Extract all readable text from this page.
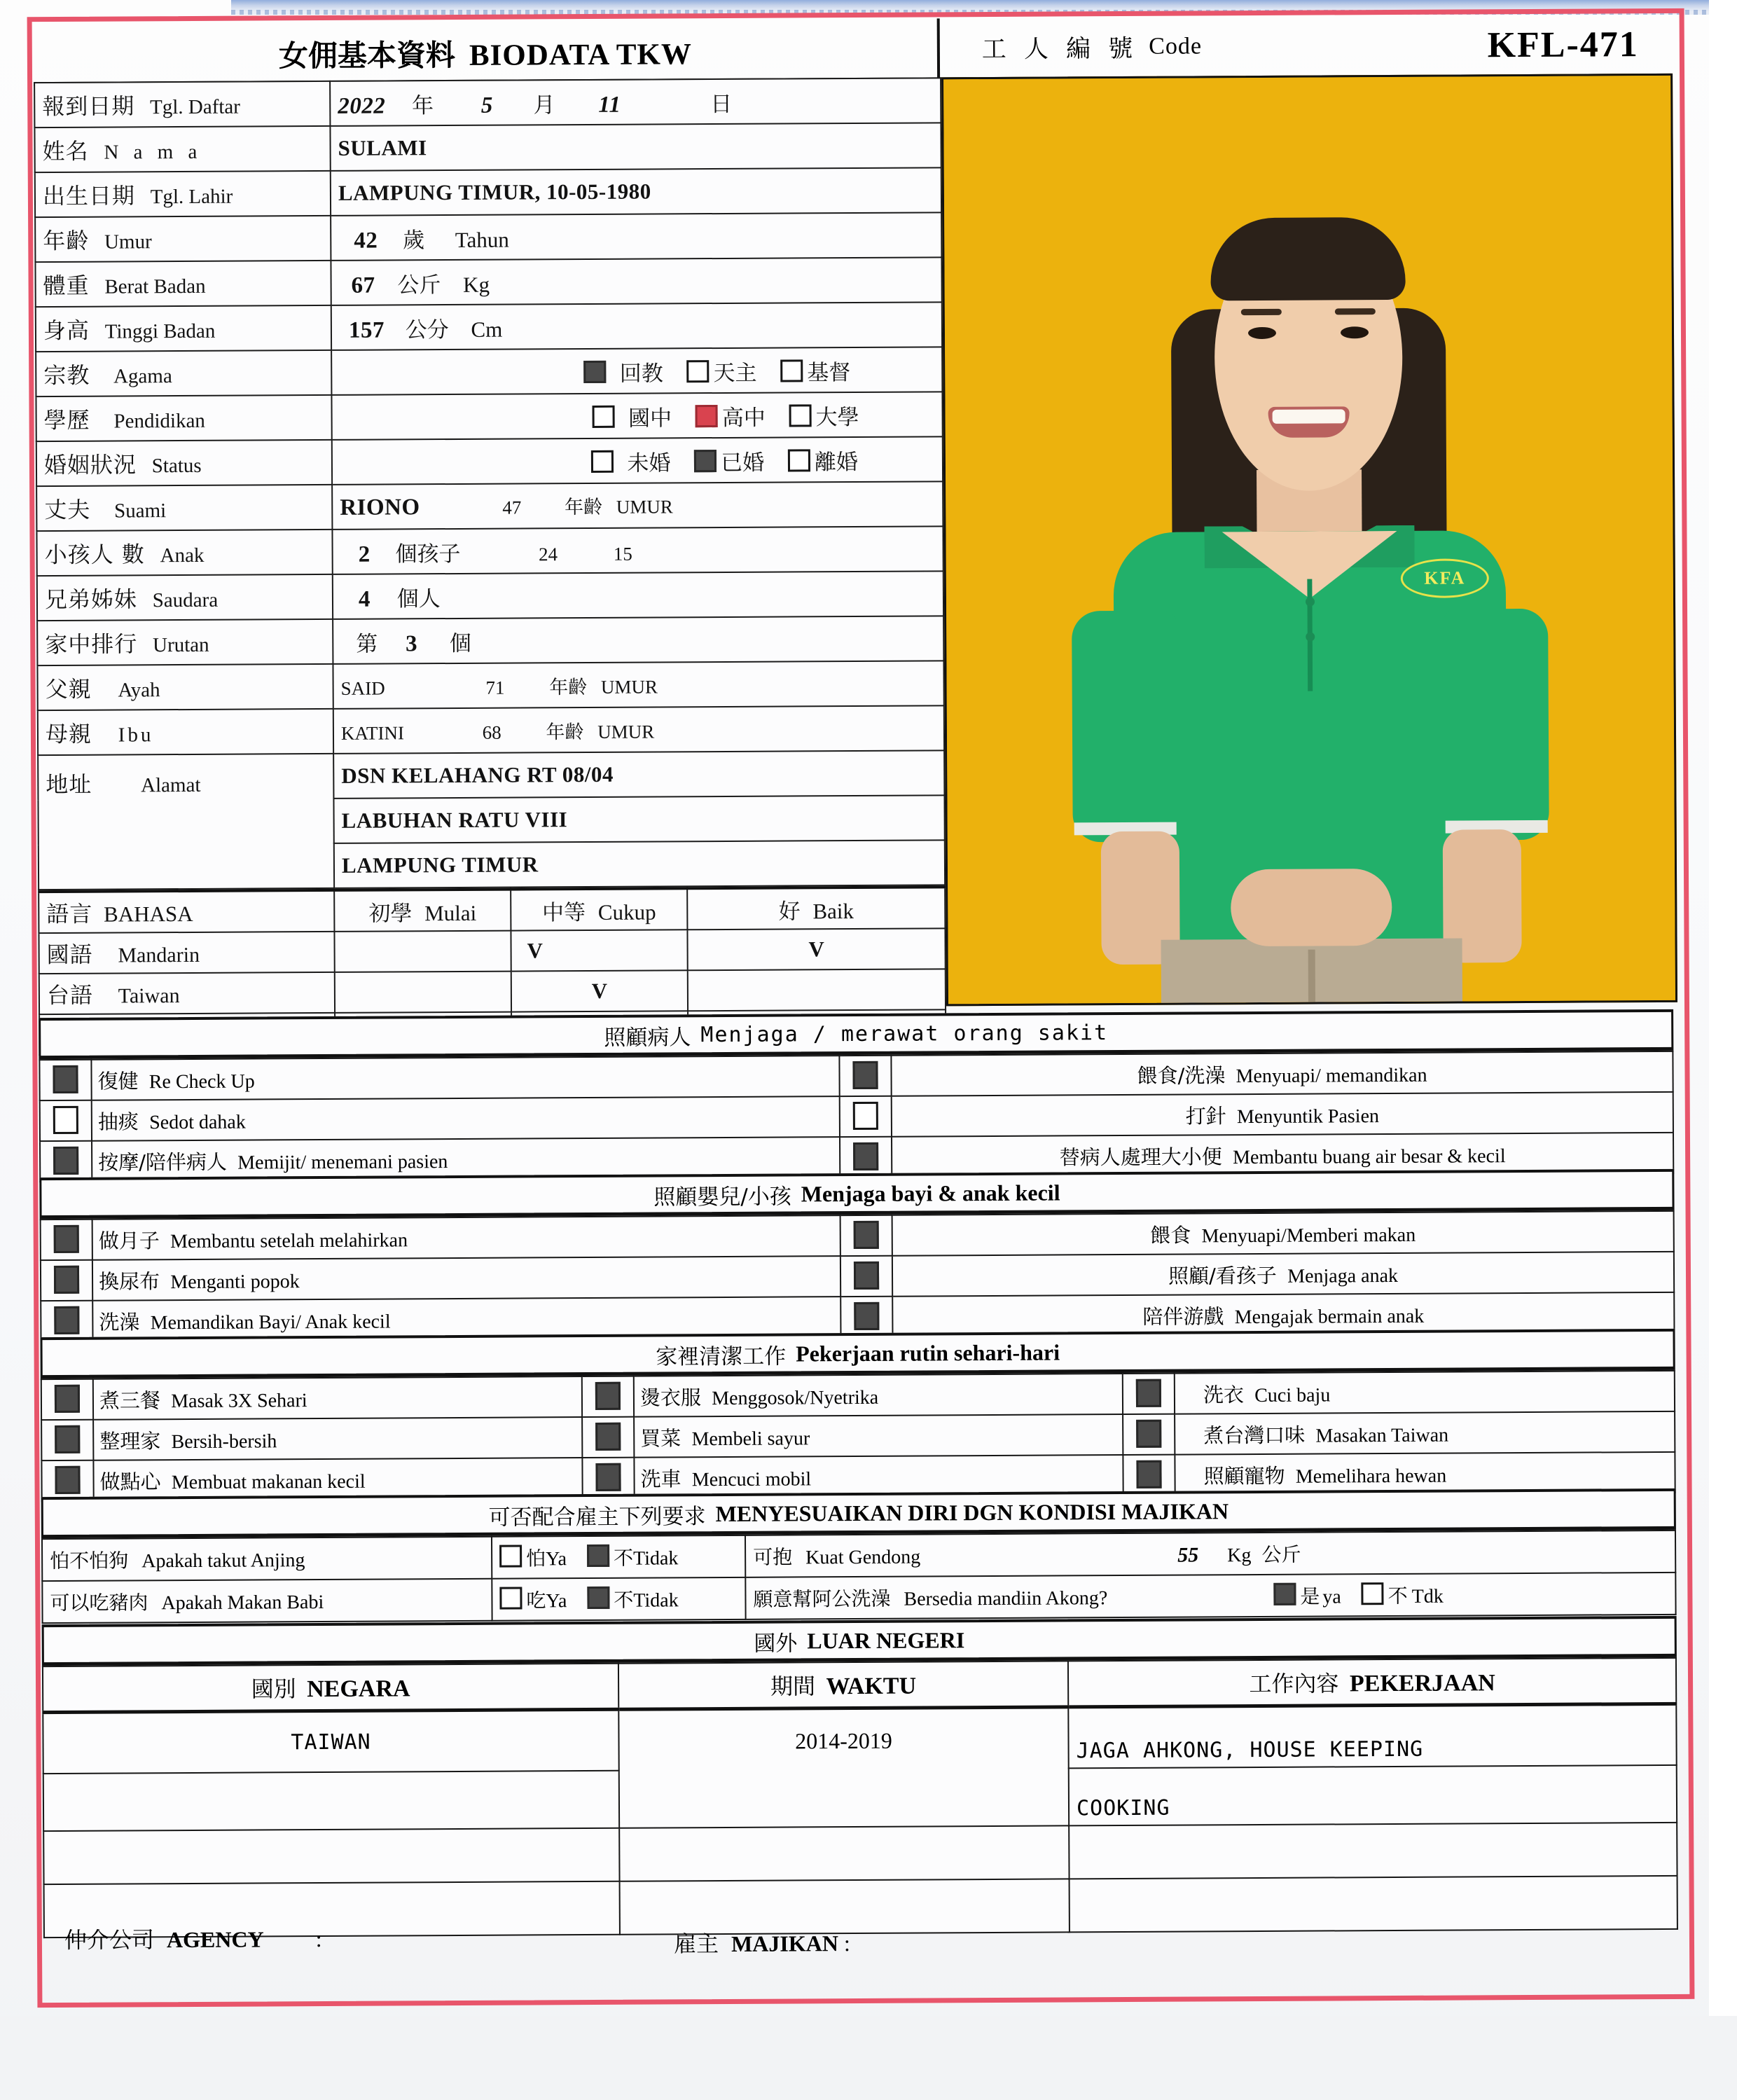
女佣基本資料 BIODATA TKW	工 人 編 號 Code	KFL-471
報到日期 Tgl. Daftar	2022 年 5 月 11 日
姓名 N a m a	SULAMI
出生日期 Tgl. Lahir	LAMPUNG TIMUR, 10-05-1980
年齡 Umur	42 歲 Tahun
體重 Berat Badan	67 公斤 Kg
身高 Tinggi Badan	157 公分 Cm
宗教 Agama	回教 天主 基督
學歷 Pendidikan	國中 高中 大學
婚姻狀況 Status	未婚 已婚 離婚
丈夫 Suami	RIONO 47 年齡 UMUR
小孩人 數 Anak	2 個孩子 24 15
兄弟姊妹 Saudara	4 個人
家中排行 Urutan	第 3 個
父親 Ayah	SAID 71 年齡 UMUR
母親 Ibu	KATINI 68 年齡 UMUR
地址 Alamat	DSN KELAHANG RT 08/04
	LABUHAN RATU VIII
	LAMPUNG TIMUR
語言 BAHASA	初學 Mulai	中等 Cukup	好 Baik
國語 Mandarin		V	V
台語 Taiwan		V	

KFA
照顧病人 Menjaga / merawat orang sakit
	復健 Re Check Up		餵食/洗澡 Menyuapi/ memandikan
	抽痰 Sedot dahak		打針 Menyuntik Pasien
	按摩/陪伴病人 Memijit/ menemani pasien		替病人處理大小便 Membantu buang air besar & kecil
照顧嬰兒/小孩 Menjaga bayi & anak kecil
	做月子 Membantu setelah melahirkan		餵食 Menyuapi/Memberi makan
	換尿布 Menganti popok		照顧/看孩子 Menjaga anak
	洗澡 Memandikan Bayi/ Anak kecil		陪伴游戲 Mengajak bermain anak
家裡清潔工作 Pekerjaan rutin sehari-hari
	煮三餐 Masak 3X Sehari		燙衣服 Menggosok/Nyetrika		洗衣 Cuci baju
	整理家 Bersih-bersih		買菜 Membeli sayur		煮台灣口味 Masakan Taiwan
	做點心 Membuat makanan kecil		洗車 Mencuci mobil		照顧寵物 Memelihara hewan
可否配合雇主下列要求 MENYESUAIKAN DIRI DGN KONDISI MAJIKAN
怕不怕狗 Apakah takut Anjing	怕Ya 不Tidak	可抱 Kuat Gendong 55 Kg 公斤
可以吃豬肉 Apakah Makan Babi	吃Ya 不Tidak	願意幫阿公洗澡 Bersedia mandiin Akong? 是 ya 不 Tdk
國外 LUAR NEGERI
國別 NEGARA	期間 WAKTU	工作內容 PEKERJAAN
TAIWAN	2014-2019	JAGA AHKONG, HOUSE KEEPING
		COOKING

仲介公司 AGENCY :	雇主 MAJIKAN :
